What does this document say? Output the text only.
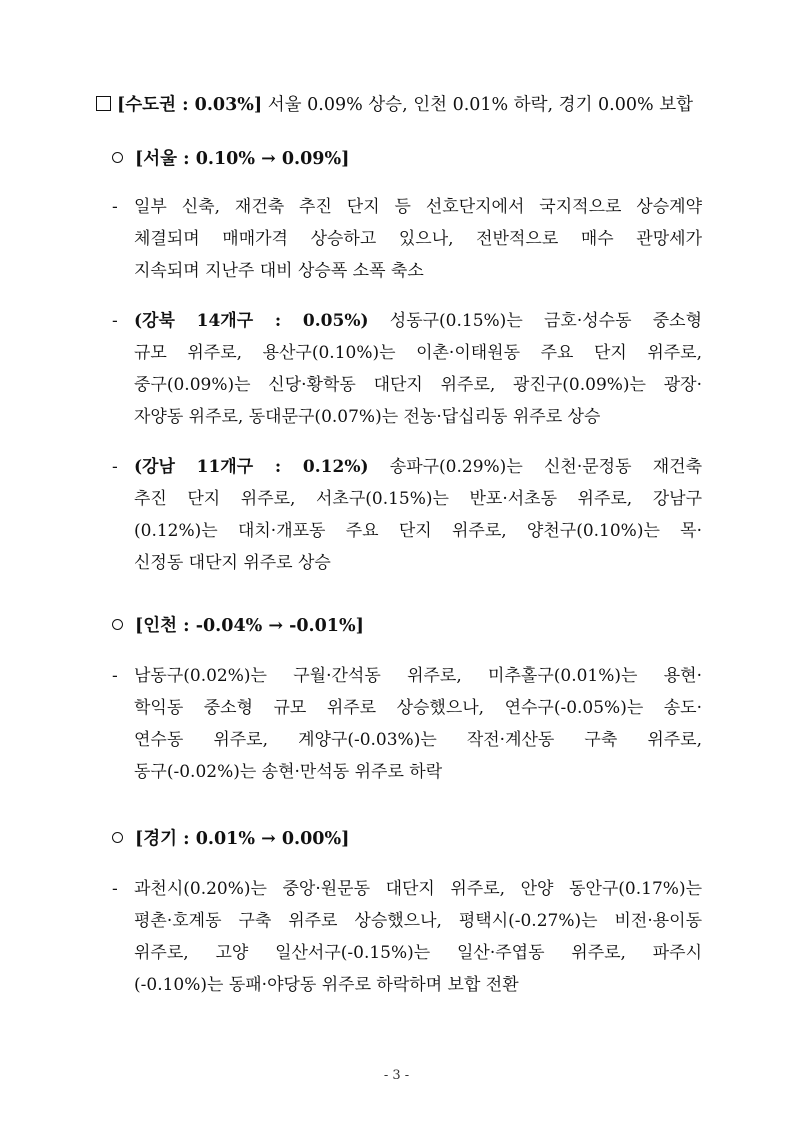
[수도권 : 0.03%] 서울 0.09% 상승, 인천 0.01% 하락, 경기 0.00% 보합
[서울 : 0.10% → 0.09%]
- 일부 신축, 재건축 추진 단지 등 선호단지에서 국지적으로 상승계약
체결되며 매매가격 상승하고 있으나, 전반적으로 매수 관망세가
지속되며 지난주 대비 상승폭 소폭 축소
- (강북 14개구 : 0.05%) 성동구(0.15%)는 금호·성수동 중소형
규모 위주로, 용산구(0.10%)는 이촌·이태원동 주요 단지 위주로,
중구(0.09%)는 신당·황학동 대단지 위주로, 광진구(0.09%)는 광장·
자양동 위주로, 동대문구(0.07%)는 전농·답십리동 위주로 상승
- (강남 11개구 : 0.12%) 송파구(0.29%)는 신천·문정동 재건축
추진 단지 위주로, 서초구(0.15%)는 반포·서초동 위주로, 강남구
(0.12%)는 대치·개포동 주요 단지 위주로, 양천구(0.10%)는 목·
신정동 대단지 위주로 상승
[인천 : -0.04% → -0.01%]
- 남동구(0.02%)는 구월·간석동 위주로, 미추홀구(0.01%)는 용현·
학익동 중소형 규모 위주로 상승했으나, 연수구(-0.05%)는 송도·
연수동 위주로, 계양구(-0.03%)는 작전·계산동 구축 위주로,
동구(-0.02%)는 송현·만석동 위주로 하락
[경기 : 0.01% → 0.00%]
- 과천시(0.20%)는 중앙·원문동 대단지 위주로, 안양 동안구(0.17%)는
평촌·호계동 구축 위주로 상승했으나, 평택시(-0.27%)는 비전·용이동
위주로, 고양 일산서구(-0.15%)는 일산·주엽동 위주로, 파주시
(-0.10%)는 동패·야당동 위주로 하락하며 보합 전환
- 3 -
